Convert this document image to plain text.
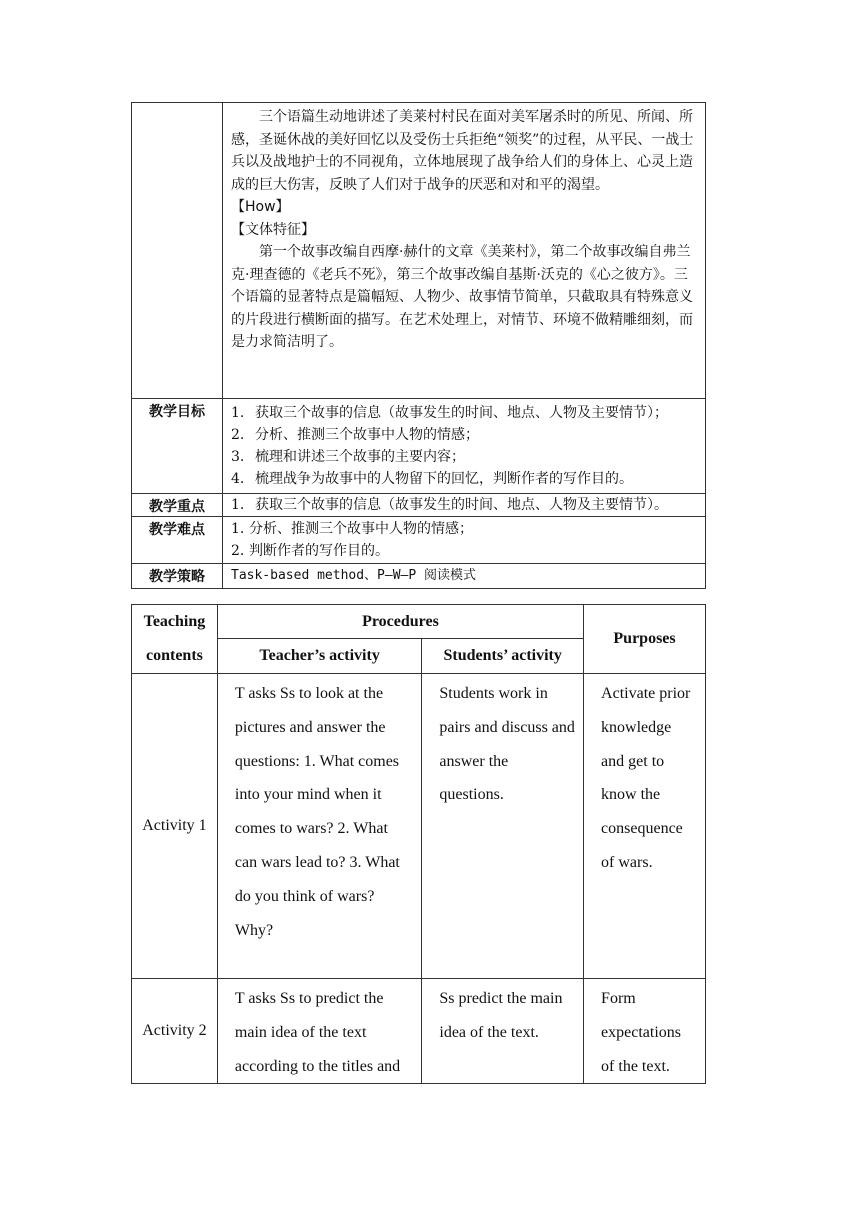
	三个语篇生动地讲述了美莱村村民在面对美军屠杀时的所见、所闻、所感，圣诞休战的美好回忆以及受伤士兵拒绝“领奖”的过程，从平民、一战士兵以及战地护士的不同视角，立体地展现了战争给人们的身体上、心灵上造成的巨大伤害，反映了人们对于战争的厌恶和对和平的渴望。
【How】
【文体特征】
第一个故事改编自西摩·赫什的文章《美莱村》，第二个故事改编自弗兰克·理查德的《老兵不死》，第三个故事改编自基斯·沃克的《心之彼方》。三个语篇的显著特点是篇幅短、人物少、故事情节简单，只截取具有特殊意义的片段进行横断面的描写。在艺术处理上，对情节、环境不做精雕细刻，而是力求简洁明了。

教学目标	1. 获取三个故事的信息（故事发生的时间、地点、人物及主要情节）；
2. 分析、推测三个故事中人物的情感；
3. 梳理和讲述三个故事的主要内容；
4. 梳理战争为故事中的人物留下的回忆，判断作者的写作目的。

教学重点	1. 获取三个故事的信息（故事发生的时间、地点、人物及主要情节）。

教学难点	1. 分析、推测三个故事中人物的情感；
2. 判断作者的写作目的。

教学策略	Task-based method、P—W—P 阅读模式
Teaching
contents	Procedures		Purposes
	Teacher’s activity	Students’ activity	
Activity 1	T asks Ss to look at the pictures and answer the questions: 1. What comes into your mind when it comes to wars? 2. What can wars lead to? 3. What do you think of wars? Why?	Students work in pairs and discuss and answer the questions.	Activate prior knowledge and get to know the consequence of wars.
Activity 2	T asks Ss to predict the main idea of the text according to the titles and	Ss predict the main idea of the text.	Form expectations of the text.
